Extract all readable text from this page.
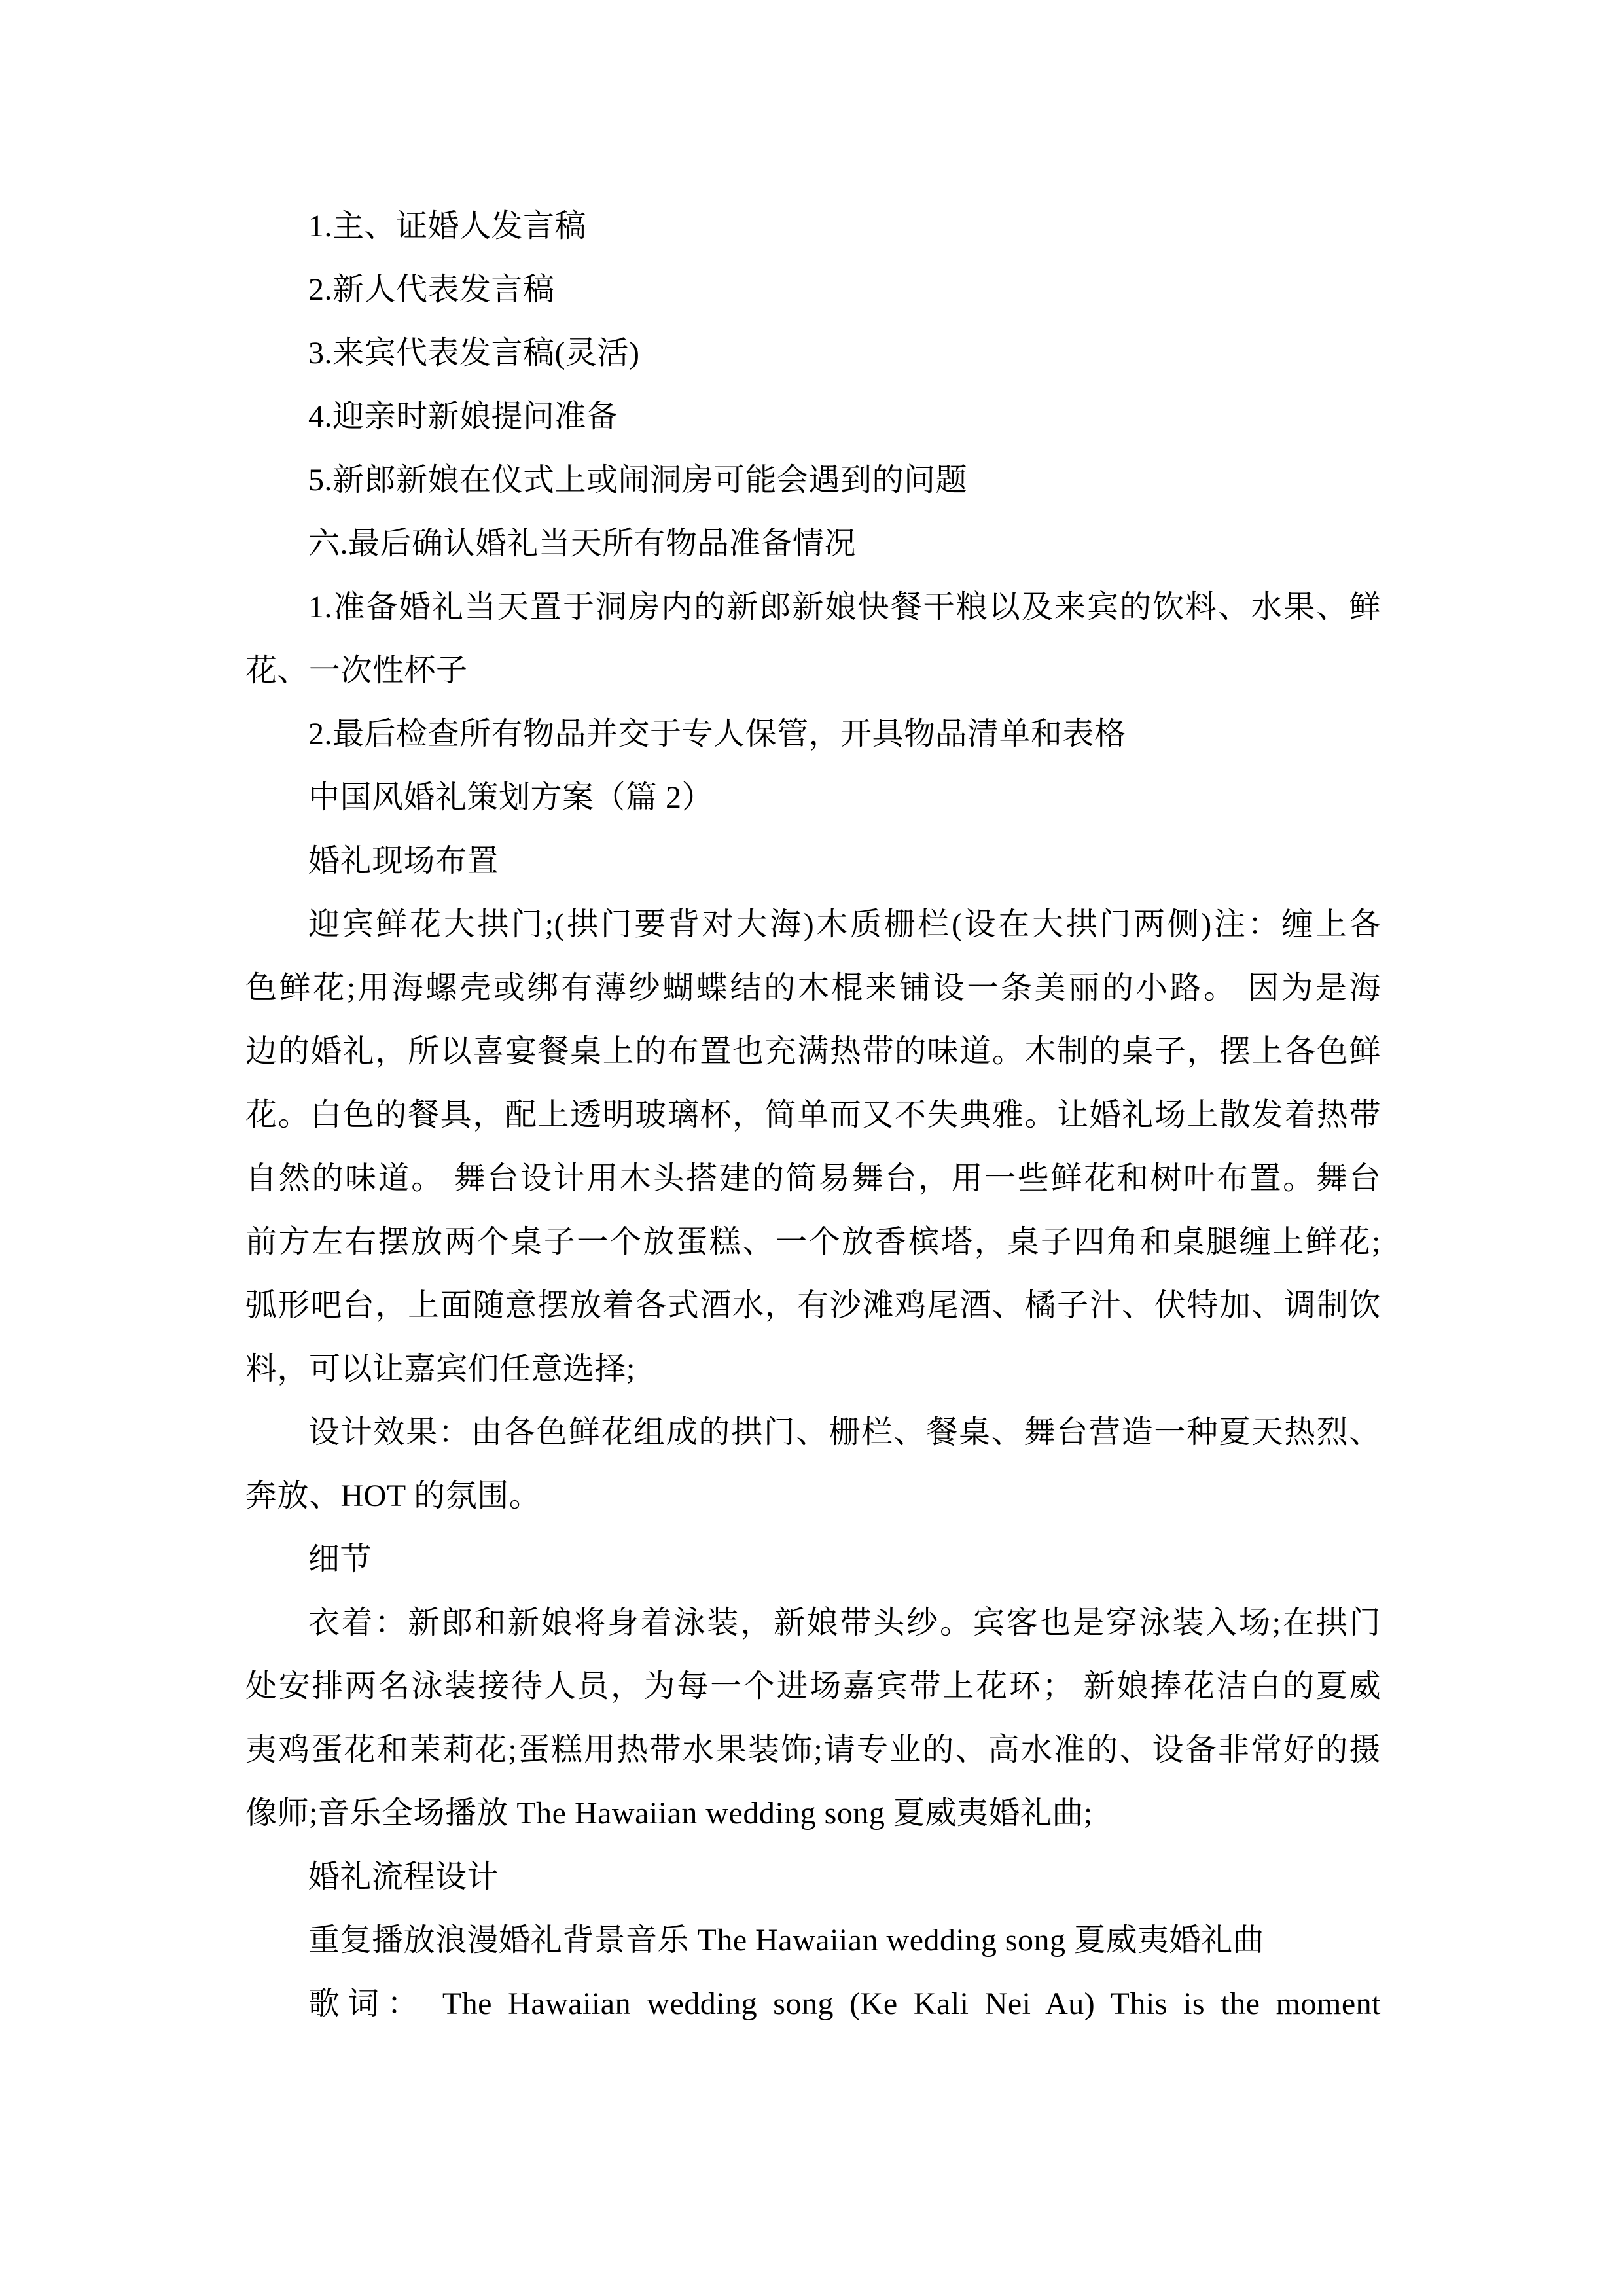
1.主、证婚人发言稿
2.新人代表发言稿
3.来宾代表发言稿(灵活)
4.迎亲时新娘提问准备
5.新郎新娘在仪式上或闹洞房可能会遇到的问题
六.最后确认婚礼当天所有物品准备情况
1.准备婚礼当天置于洞房内的新郎新娘快餐干粮以及来宾的饮料、水果、鲜
花、一次性杯子
2.最后检查所有物品并交于专人保管，开具物品清单和表格
中国风婚礼策划方案（篇 2）
婚礼现场布置
迎宾鲜花大拱门;(拱门要背对大海)木质栅栏(设在大拱门两侧)注：缠上各
色鲜花;用海螺壳或绑有薄纱蝴蝶结的木棍来铺设一条美丽的小路。 因为是海
边的婚礼，所以喜宴餐桌上的布置也充满热带的味道。木制的桌子，摆上各色鲜
花。白色的餐具，配上透明玻璃杯，简单而又不失典雅。让婚礼场上散发着热带
自然的味道。 舞台设计用木头搭建的简易舞台，用一些鲜花和树叶布置。舞台
前方左右摆放两个桌子一个放蛋糕、一个放香槟塔，桌子四角和桌腿缠上鲜花;
弧形吧台，上面随意摆放着各式酒水，有沙滩鸡尾酒、橘子汁、伏特加、调制饮
料，可以让嘉宾们任意选择;
设计效果：由各色鲜花组成的拱门、栅栏、餐桌、舞台营造一种夏天热烈、
奔放、HOT 的氛围。
细节
衣着：新郎和新娘将身着泳装，新娘带头纱。宾客也是穿泳装入场;在拱门
处安排两名泳装接待人员，为每一个进场嘉宾带上花环； 新娘捧花洁白的夏威
夷鸡蛋花和茉莉花;蛋糕用热带水果装饰;请专业的、高水准的、设备非常好的摄
像师;音乐全场播放 The Hawaiian wedding song 夏威夷婚礼曲;
婚礼流程设计
重复播放浪漫婚礼背景音乐 The Hawaiian wedding song 夏威夷婚礼曲
歌词： The Hawaiian wedding song (Ke Kali Nei Au) This is the moment
